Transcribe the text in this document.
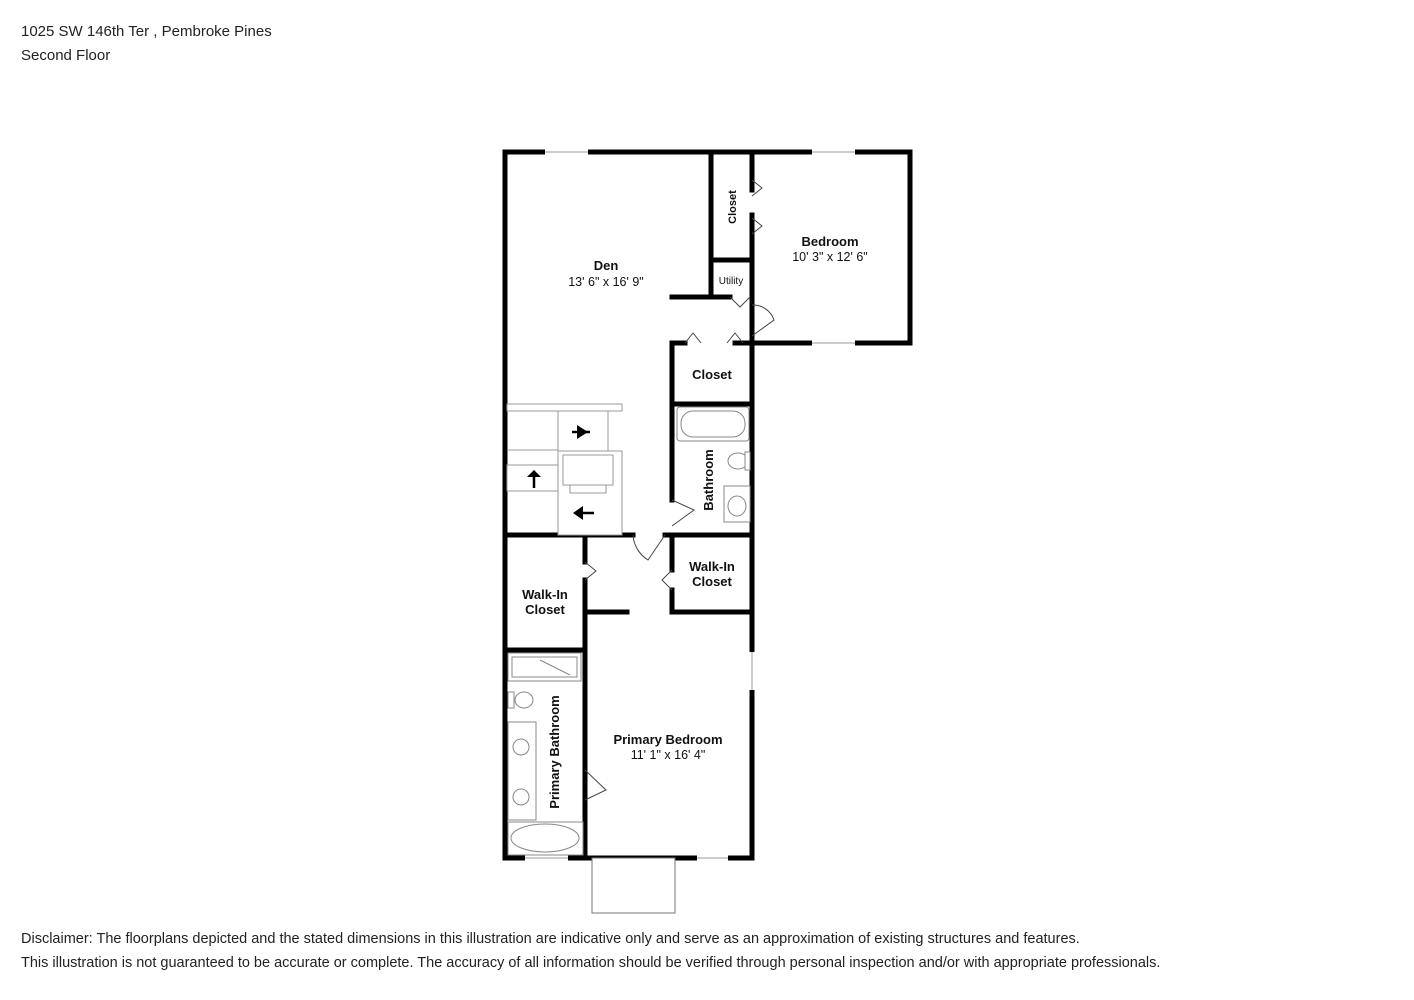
1025 SW 146th Ter , Pembroke Pines
Second Floor
Den
13' 6" x 16' 9"
Bedroom
10' 3" x 12' 6"
Closet
Utility
Closet
Bathroom
Walk-In
Closet
Walk-In
Closet
Primary Bedroom
11' 1" x 16' 4"
Primary Bathroom
Disclaimer: The floorplans depicted and the stated dimensions in this illustration are indicative only and serve as an approximation of existing structures and features.
This illustration is not guaranteed to be accurate or complete. The accuracy of all information should be verified through personal inspection and/or with appropriate professionals.
